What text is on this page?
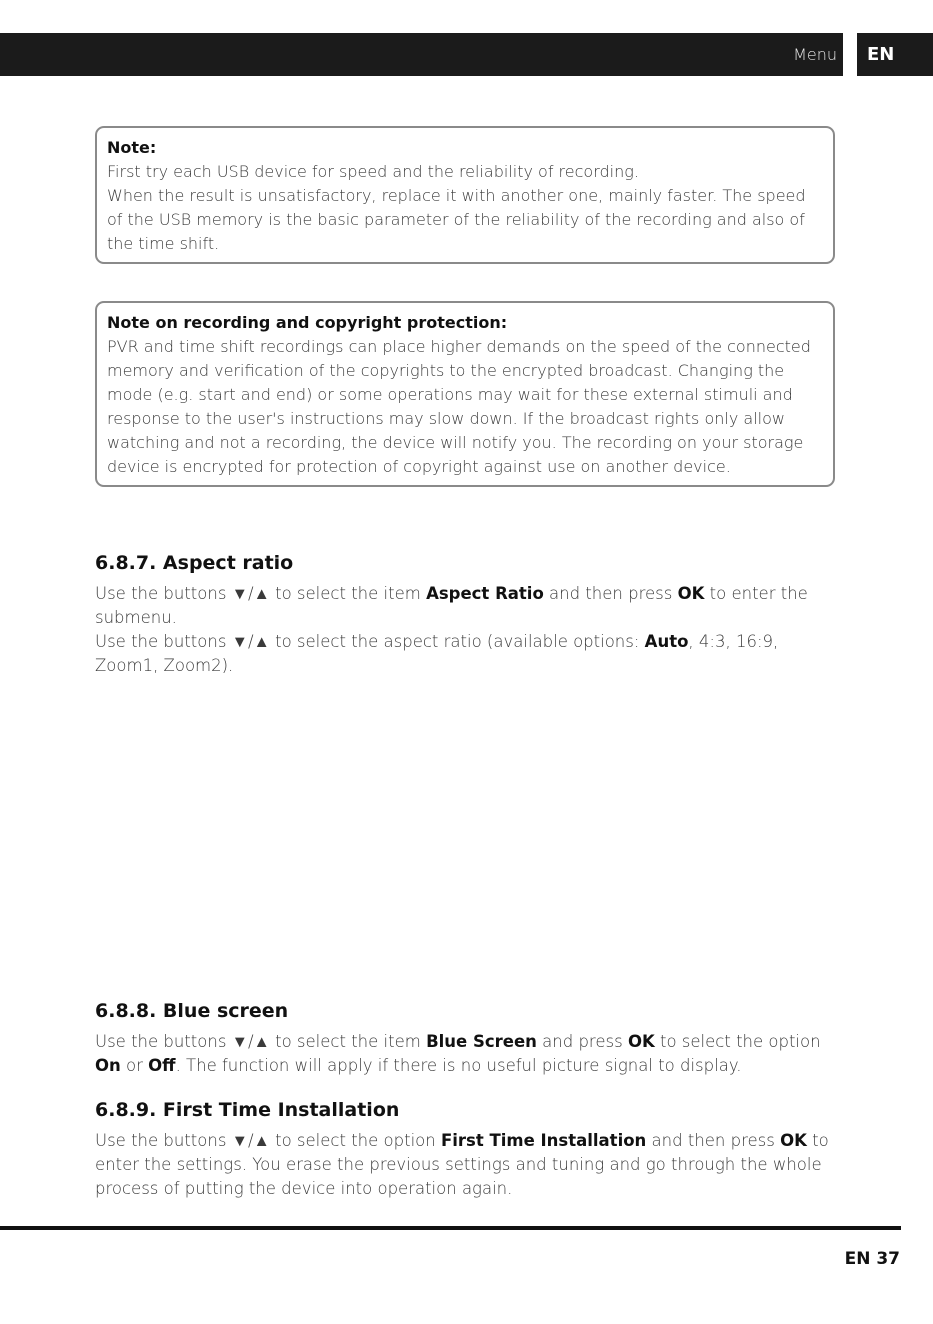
Menu	EN
Note:

First try each USB device for speed and the reliability of recording.

When the result is unsatisfactory, replace it with another one, mainly faster. The speed of the USB memory is the basic parameter of the reliability of the recording and also of the time shift.

Note on recording and copyright protection:

PVR and time shift recordings can place higher demands on the speed of the connected memory and verification of the copyrights to the encrypted broadcast. Changing the mode (e.g. start and end) or some operations may wait for these external stimuli and response to the user's instructions may slow down. If the broadcast rights only allow watching and not a recording, the device will notify you. The recording on your storage device is encrypted for protection of copyright against use on another device.

6.8.7. Aspect ratio

Use the buttons ▼/▲ to select the item Aspect Ratio and then press OK to enter the submenu.

Use the buttons ▼/▲ to select the aspect ratio (available options: Auto, 4:3, 16:9, Zoom1, Zoom2).

6.8.8. Blue screen

Use the buttons ▼/▲ to select the item Blue Screen and press OK to select the option On or Off. The function will apply if there is no useful picture signal to display.

6.8.9. First Time Installation

Use the buttons ▼/▲ to select the option First Time Installation and then press OK to enter the settings. You erase the previous settings and tuning and go through the whole process of putting the device into operation again.

EN 37
